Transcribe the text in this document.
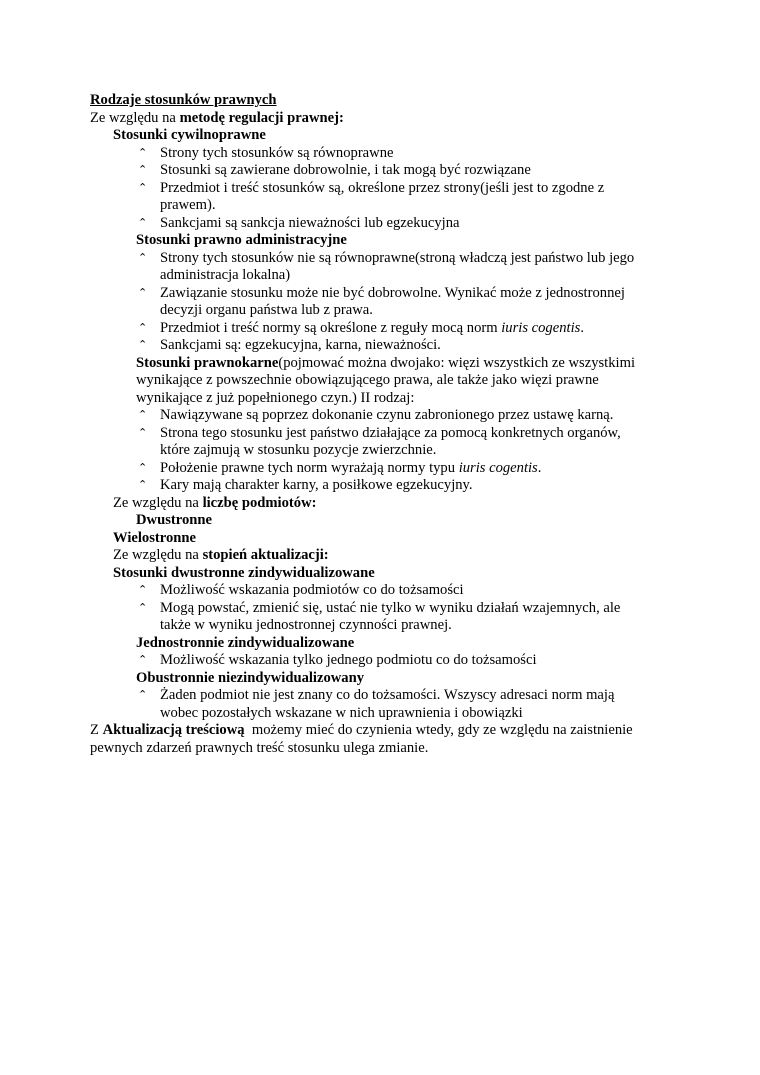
Rodzaje stosunków prawnych
Ze względu na metodę regulacji prawnej:
Stosunki cywilnoprawne
⌃ Strony tych stosunków są równoprawne
⌃ Stosunki są zawierane dobrowolnie, i tak mogą być rozwiązane
⌃ Przedmiot i treść stosunków są, określone przez strony(jeśli jest to zgodne z
prawem).
⌃ Sankcjami są sankcja nieważności lub egzekucyjna
Stosunki prawno administracyjne
⌃ Strony tych stosunków nie są równoprawne(stroną władczą jest państwo lub jego
administracja lokalna)
⌃ Zawiązanie stosunku może nie być dobrowolne. Wynikać może z jednostronnej
decyzji organu państwa lub z prawa.
⌃ Przedmiot i treść normy są określone z reguły mocą norm iuris cogentis.
⌃ Sankcjami są: egzekucyjna, karna, nieważności.
Stosunki prawnokarne(pojmować można dwojako: więzi wszystkich ze wszystkimi
wynikające z powszechnie obowiązującego prawa, ale także jako więzi prawne
wynikające z już popełnionego czyn.) II rodzaj:
⌃ Nawiązywane są poprzez dokonanie czynu zabronionego przez ustawę karną.
⌃ Strona tego stosunku jest państwo działające za pomocą konkretnych organów,
które zajmują w stosunku pozycje zwierzchnie.
⌃ Położenie prawne tych norm wyrażają normy typu iuris cogentis.
⌃ Kary mają charakter karny, a posiłkowe egzekucyjny.
Ze względu na liczbę podmiotów:
Dwustronne
Wielostronne
Ze względu na stopień aktualizacji:
Stosunki dwustronne zindywidualizowane
⌃ Możliwość wskazania podmiotów co do tożsamości
⌃ Mogą powstać, zmienić się, ustać nie tylko w wyniku działań wzajemnych, ale
także w wyniku jednostronnej czynności prawnej.
Jednostronnie zindywidualizowane
⌃ Możliwość wskazania tylko jednego podmiotu co do tożsamości
Obustronnie niezindywidualizowany
⌃ Żaden podmiot nie jest znany co do tożsamości. Wszyscy adresaci norm mają
wobec pozostałych wskazane w nich uprawnienia i obowiązki
Z Aktualizacją treściową  możemy mieć do czynienia wtedy, gdy ze względu na zaistnienie
pewnych zdarzeń prawnych treść stosunku ulega zmianie.
